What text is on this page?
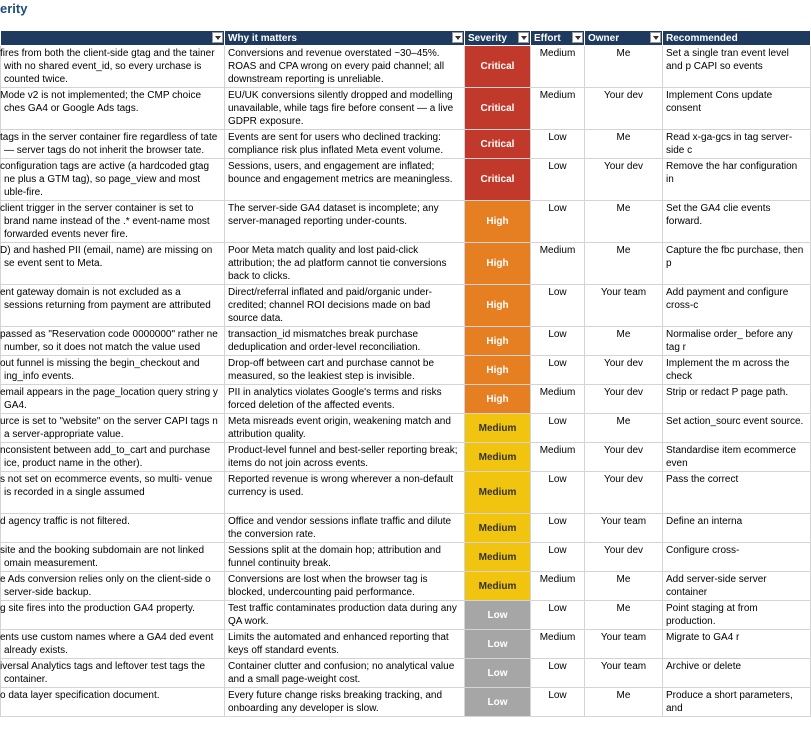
erity
	Why it matters	Severity	Effort	Owner	Recommended

fires from both the client-side gtag and the tainer with no shared event_id, so every urchase is counted twice.	Conversions and revenue overstated ~30–45%. ROAS and CPA wrong on every paid channel; all downstream reporting is unreliable.	Critical	Medium	Me	Set a single tran event level and p CAPI so events

Mode v2 is not implemented; the CMP choice ches GA4 or Google Ads tags.	EU/UK conversions silently dropped and modelling unavailable, while tags fire before consent — a live GDPR exposure.	Critical	Medium	Your dev	Implement Cons update consent

tags in the server container fire regardless of tate — server tags do not inherit the browser tate.	Events are sent for users who declined tracking: compliance risk plus inflated Meta event volume.	Critical	Low	Me	Read x-ga-gcs in tag server-side c

configuration tags are active (a hardcoded gtag ne plus a GTM tag), so page_view and most uble-fire.	Sessions, users, and engagement are inflated; bounce and engagement metrics are meaningless.	Critical	Low	Your dev	Remove the har configuration in

client trigger in the server container is set to brand name instead of the .* event-name most forwarded events never fire.	The server-side GA4 dataset is incomplete; any server-managed reporting under-counts.	High	Low	Me	Set the GA4 clie events forward.

D) and hashed PII (email, name) are missing on se event sent to Meta.	Poor Meta match quality and lost paid-click attribution; the ad platform cannot tie conversions back to clicks.	High	Medium	Me	Capture the fbc purchase, then p

ent gateway domain is not excluded as a sessions returning from payment are attributed	Direct/referral inflated and paid/organic under-credited; channel ROI decisions made on bad source data.	High	Low	Your team	Add payment and configure cross-c

passed as "Reservation code 0000000" rather ne number, so it does not match the value used	transaction_id mismatches break purchase deduplication and order-level reconciliation.	High	Low	Me	Normalise order_ before any tag r

out funnel is missing the begin_checkout and ing_info events.	Drop-off between cart and purchase cannot be measured, so the leakiest step is invisible.	High	Low	Your dev	Implement the m across the check

email appears in the page_location query string y GA4.	PII in analytics violates Google's terms and risks forced deletion of the affected events.	High	Medium	Your dev	Strip or redact P page path.

urce is set to "website" on the server CAPI tags n a server-appropriate value.	Meta misreads event origin, weakening match and attribution quality.	Medium	Low	Me	Set action_sourc event source.

nconsistent between add_to_cart and purchase ice, product name in the other).	Product-level funnel and best-seller reporting break; items do not join across events.	Medium	Medium	Your dev	Standardise item ecommerce even

s not set on ecommerce events, so multi- venue is recorded in a single assumed	Reported revenue is wrong wherever a non-default currency is used.	Medium	Low	Your dev	Pass the correct

d agency traffic is not filtered.	Office and vendor sessions inflate traffic and dilute the conversion rate.	Medium	Low	Your team	Define an interna

site and the booking subdomain are not linked omain measurement.	Sessions split at the domain hop; attribution and funnel continuity break.	Medium	Low	Your dev	Configure cross-

e Ads conversion relies only on the client-side o server-side backup.	Conversions are lost when the browser tag is blocked, undercounting paid performance.	Medium	Medium	Me	Add server-side server container

g site fires into the production GA4 property.	Test traffic contaminates production data during any QA work.	Low	Low	Me	Point staging at from production.

ents use custom names where a GA4 ded event already exists.	Limits the automated and enhanced reporting that keys off standard events.	Low	Medium	Your team	Migrate to GA4 r

iversal Analytics tags and leftover test tags the container.	Container clutter and confusion; no analytical value and a small page-weight cost.	Low	Low	Your team	Archive or delete

o data layer specification document.	Every future change risks breaking tracking, and onboarding any developer is slow.	Low	Low	Me	Produce a short parameters, and
